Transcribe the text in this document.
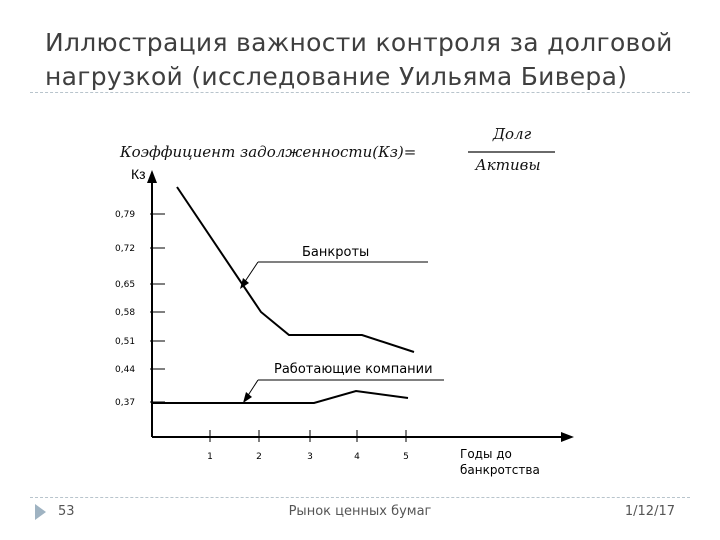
Иллюстрация важности контроля за долговой нагрузкой (исследование Уильяма Бивера)
Коэффициент задолженности(Кз)=
Долг
Активы
Кз
Годы до
банкротства
0,79
0,72
0,65
0,58
0,51
0,44
0,37
1	2	3	4	5
Банкроты
Работающие компании
53	Рынок ценных бумаг	1/12/17
